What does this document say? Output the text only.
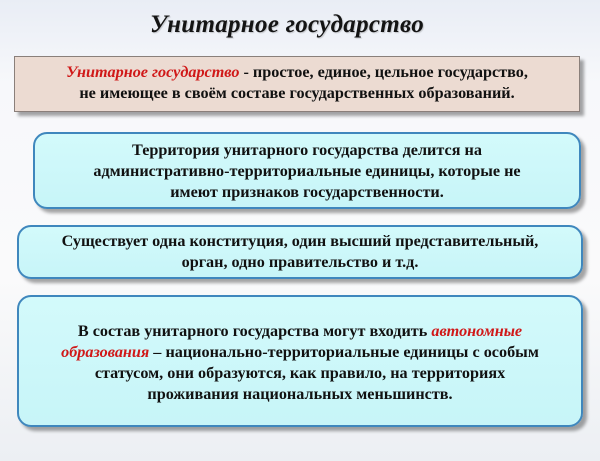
Унитарное государство
Унитарное государство - простое, единое, цельное государство,
не имеющее в своём составе государственных образований.
Территория унитарного государства делится на
административно-территориальные единицы, которые не
имеют признаков государственности.
Существует одна конституция, один высший представительный,
орган, одно правительство и т.д.
В состав унитарного государства могут входить автономные
образования – национально-территориальные единицы с особым
статусом, они образуются, как правило, на территориях
проживания национальных меньшинств.
